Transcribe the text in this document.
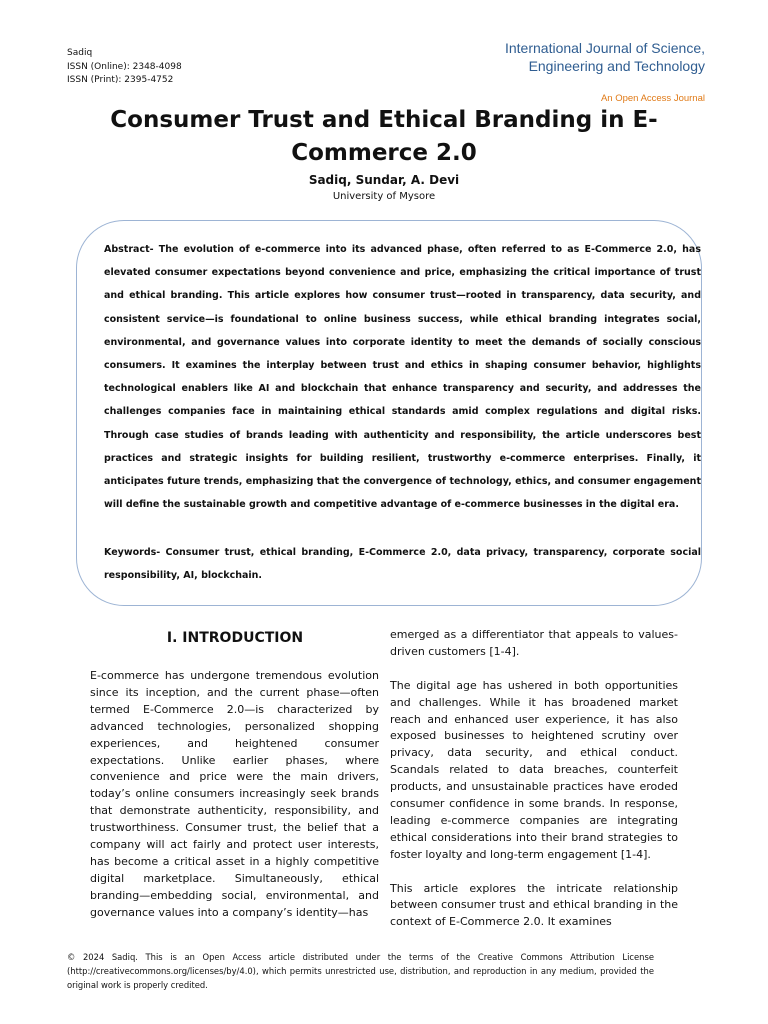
Sadiq
ISSN (Online): 2348-4098
ISSN (Print): 2395-4752
International Journal of Science,
Engineering and Technology
An Open Access Journal
Consumer Trust and Ethical Branding in E-Commerce 2.0
Sadiq, Sundar, A. Devi
University of Mysore
Abstract- The evolution of e-commerce into its advanced phase, often referred to as E-Commerce 2.0, has elevated consumer expectations beyond convenience and price, emphasizing the critical importance of trust and ethical branding. This article explores how consumer trust—rooted in transparency, data security, and consistent service—is foundational to online business success, while ethical branding integrates social, environmental, and governance values into corporate identity to meet the demands of socially conscious consumers. It examines the interplay between trust and ethics in shaping consumer behavior, highlights technological enablers like AI and blockchain that enhance transparency and security, and addresses the challenges companies face in maintaining ethical standards amid complex regulations and digital risks. Through case studies of brands leading with authenticity and responsibility, the article underscores best practices and strategic insights for building resilient, trustworthy e-commerce enterprises. Finally, it anticipates future trends, emphasizing that the convergence of technology, ethics, and consumer engagement will define the sustainable growth and competitive advantage of e-commerce businesses in the digital era.
Keywords- Consumer trust, ethical branding, E-Commerce 2.0, data privacy, transparency, corporate social responsibility, AI, blockchain.
I. INTRODUCTION

E-commerce has undergone tremendous evolution since its inception, and the current phase—often termed E-Commerce 2.0—is characterized by advanced technologies, personalized shopping experiences, and heightened consumer expectations. Unlike earlier phases, where convenience and price were the main drivers, today’s online consumers increasingly seek brands that demonstrate authenticity, responsibility, and trustworthiness. Consumer trust, the belief that a company will act fairly and protect user interests, has become a critical asset in a highly competitive digital marketplace. Simultaneously, ethical branding—embedding social, environmental, and governance values into a company’s identity—has

emerged as a differentiator that appeals to values-driven customers [1-4].

The digital age has ushered in both opportunities and challenges. While it has broadened market reach and enhanced user experience, it has also exposed businesses to heightened scrutiny over privacy, data security, and ethical conduct. Scandals related to data breaches, counterfeit products, and unsustainable practices have eroded consumer confidence in some brands. In response, leading e-commerce companies are integrating ethical considerations into their brand strategies to foster loyalty and long-term engagement [1-4].

This article explores the intricate relationship between consumer trust and ethical branding in the context of E-Commerce 2.0. It examines

© 2024 Sadiq. This is an Open Access article distributed under the terms of the Creative Commons Attribution License (http://creativecommons.org/licenses/by/4.0), which permits unrestricted use, distribution, and reproduction in any medium, provided the original work is properly credited.
